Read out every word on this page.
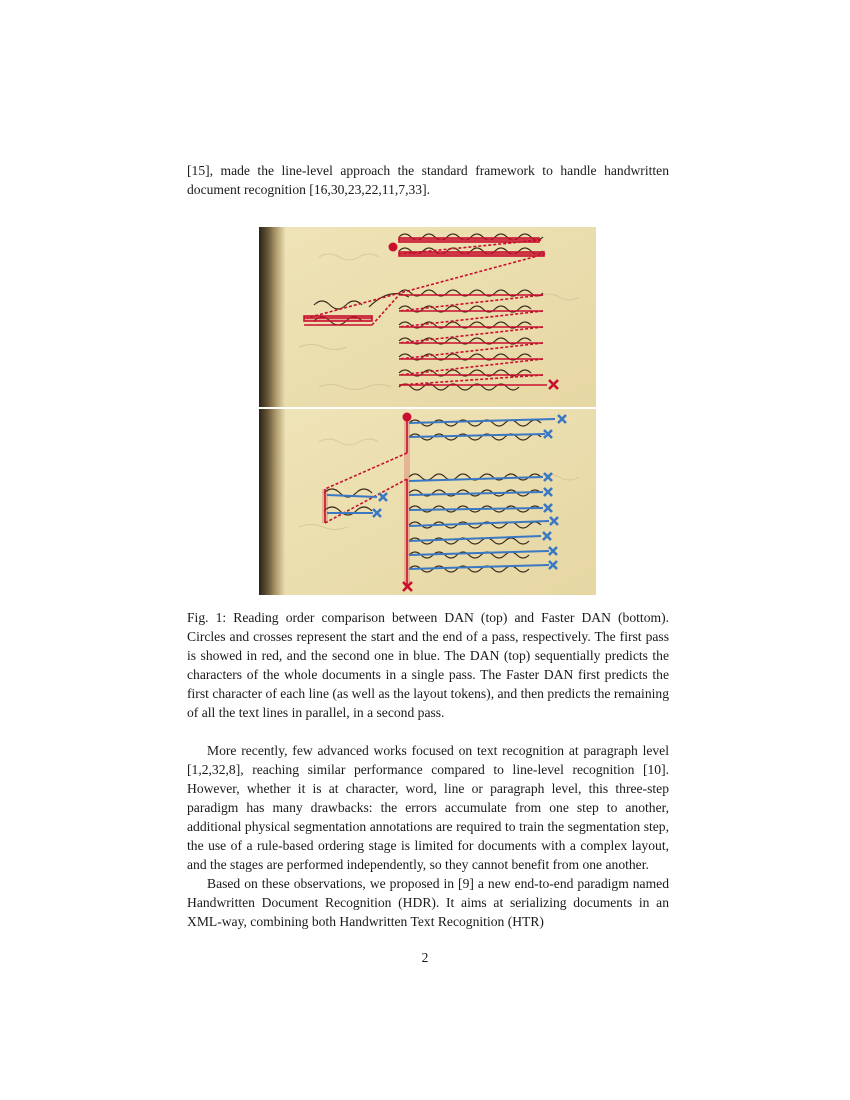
[15], made the line-level approach the standard framework to handle handwritten document recognition [16,30,23,22,11,7,33].

Fig. 1: Reading order comparison between DAN (top) and Faster DAN (bottom). Circles and crosses represent the start and the end of a pass, respectively. The first pass is showed in red, and the second one in blue. The DAN (top) sequentially predicts the characters of the whole documents in a single pass. The Faster DAN first predicts the first character of each line (as well as the layout tokens), and then predicts the remaining of all the text lines in parallel, in a second pass.

More recently, few advanced works focused on text recognition at paragraph level [1,2,32,8], reaching similar performance compared to line-level recognition [10]. However, whether it is at character, word, line or paragraph level, this three-step paradigm has many drawbacks: the errors accumulate from one step to another, additional physical segmentation annotations are required to train the segmentation step, the use of a rule-based ordering stage is limited for documents with a complex layout, and the stages are performed independently, so they cannot benefit from one another.

Based on these observations, we proposed in [9] a new end-to-end paradigm named Handwritten Document Recognition (HDR). It aims at serializing documents in an XML-way, combining both Handwritten Text Recognition (HTR)

2
